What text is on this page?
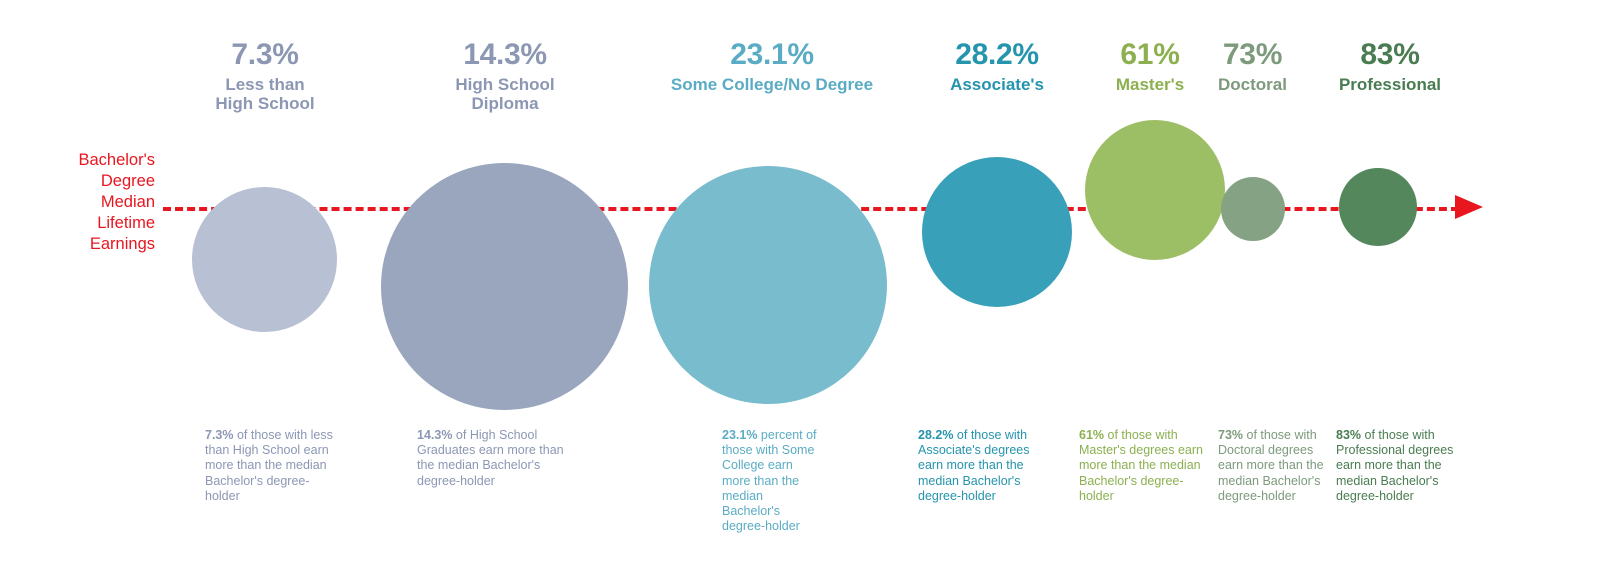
Bachelor's
Degree
Median
Lifetime
Earnings
7.3%
Less than
High School
7.3% of those with less than High School earn more than the median Bachelor's degree-holder
14.3%
High School
Diploma
14.3% of High School Graduates earn more than the median Bachelor's degree-holder
23.1%
Some College/No Degree
23.1% percent of those with Some College earn more than the median Bachelor's degree-holder
28.2%
Associate's
28.2% of those with Associate's degrees earn more than the median Bachelor's degree-holder
61%
Master's
61% of those with Master's degrees earn more than the median Bachelor's degree-holder
73%
Doctoral
73% of those with Doctoral degrees earn more than the median Bachelor's degree-holder
83%
Professional
83% of those with Professional degrees earn more than the median Bachelor's degree-holder
